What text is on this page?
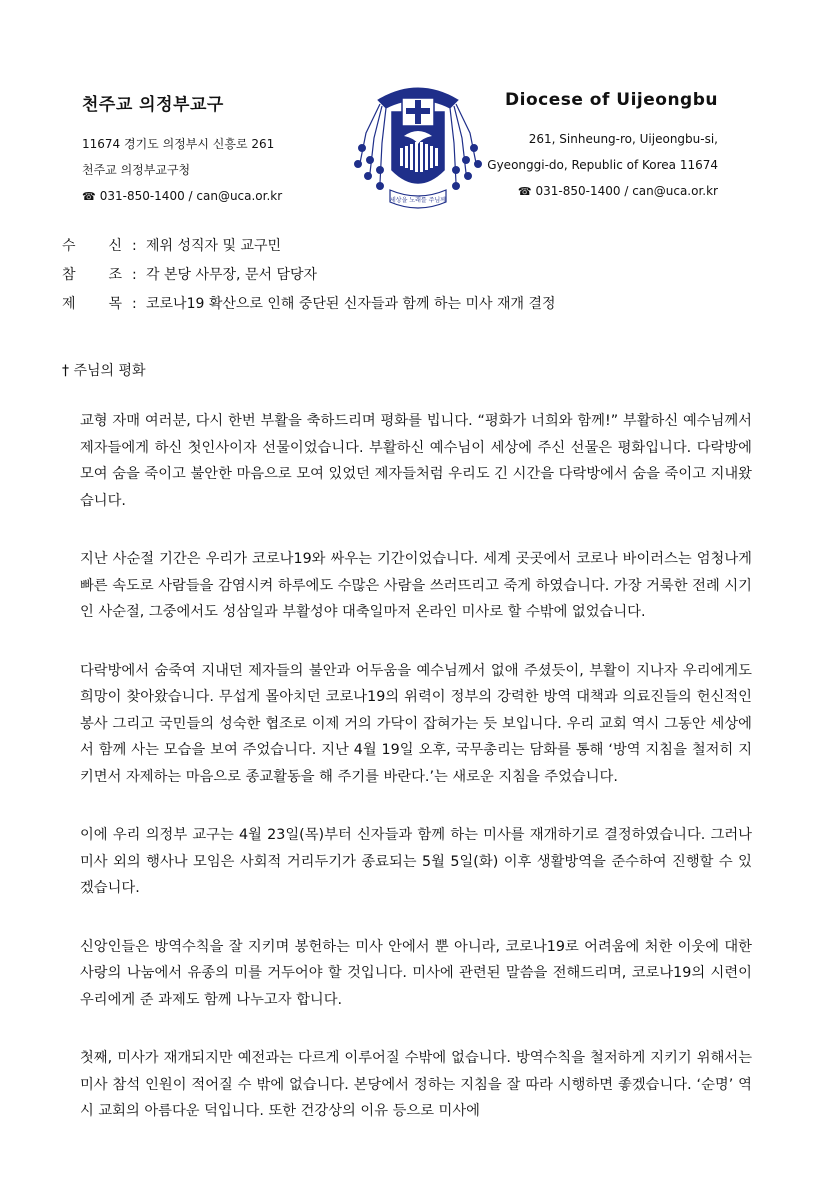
천주교 의정부교구
11674 경기도 의정부시 신흥로 261
천주교 의정부교구청
☎ 031-850-1400 / can@uca.or.kr	세상을 노래를 주님께
Diocese of Uijeongbu
261, Sinheung-ro, Uijeongbu-si,
Gyeonggi-do, Republic of Korea 11674
☎ 031-850-1400 / can@uca.or.kr
수 신 : 제위 성직자 및 교구민
참 조 : 각 본당 사무장, 문서 담당자
제 목 : 코로나19 확산으로 인해 중단된 신자들과 함께 하는 미사 재개 결정
† 주님의 평화

교형 자매 여러분, 다시 한번 부활을 축하드리며 평화를 빕니다. “평화가 너희와 함께!” 부활하신 예수님께서 제자들에게 하신 첫인사이자 선물이었습니다. 부활하신 예수님이 세상에 주신 선물은 평화입니다. 다락방에 모여 숨을 죽이고 불안한 마음으로 모여 있었던 제자들처럼 우리도 긴 시간을 다락방에서 숨을 죽이고 지내왔습니다.

지난 사순절 기간은 우리가 코로나19와 싸우는 기간이었습니다. 세계 곳곳에서 코로나 바이러스는 엄청나게 빠른 속도로 사람들을 감염시켜 하루에도 수많은 사람을 쓰러뜨리고 죽게 하였습니다. 가장 거룩한 전례 시기인 사순절, 그중에서도 성삼일과 부활성야 대축일마저 온라인 미사로 할 수밖에 없었습니다.

다락방에서 숨죽여 지내던 제자들의 불안과 어두움을 예수님께서 없애 주셨듯이, 부활이 지나자 우리에게도 희망이 찾아왔습니다. 무섭게 몰아치던 코로나19의 위력이 정부의 강력한 방역 대책과 의료진들의 헌신적인 봉사 그리고 국민들의 성숙한 협조로 이제 거의 가닥이 잡혀가는 듯 보입니다. 우리 교회 역시 그동안 세상에서 함께 사는 모습을 보여 주었습니다. 지난 4월 19일 오후, 국무총리는 담화를 통해 ‘방역 지침을 철저히 지키면서 자제하는 마음으로 종교활동을 해 주기를 바란다.’는 새로운 지침을 주었습니다.

이에 우리 의정부 교구는 4월 23일(목)부터 신자들과 함께 하는 미사를 재개하기로 결정하였습니다. 그러나 미사 외의 행사나 모임은 사회적 거리두기가 종료되는 5월 5일(화) 이후 생활방역을 준수하여 진행할 수 있겠습니다.

신앙인들은 방역수칙을 잘 지키며 봉헌하는 미사 안에서 뿐 아니라, 코로나19로 어려움에 처한 이웃에 대한 사랑의 나눔에서 유종의 미를 거두어야 할 것입니다. 미사에 관련된 말씀을 전해드리며, 코로나19의 시련이 우리에게 준 과제도 함께 나누고자 합니다.

첫째, 미사가 재개되지만 예전과는 다르게 이루어질 수밖에 없습니다. 방역수칙을 철저하게 지키기 위해서는 미사 참석 인원이 적어질 수 밖에 없습니다. 본당에서 정하는 지침을 잘 따라 시행하면 좋겠습니다. ‘순명’ 역시 교회의 아름다운 덕입니다. 또한 건강상의 이유 등으로 미사에
